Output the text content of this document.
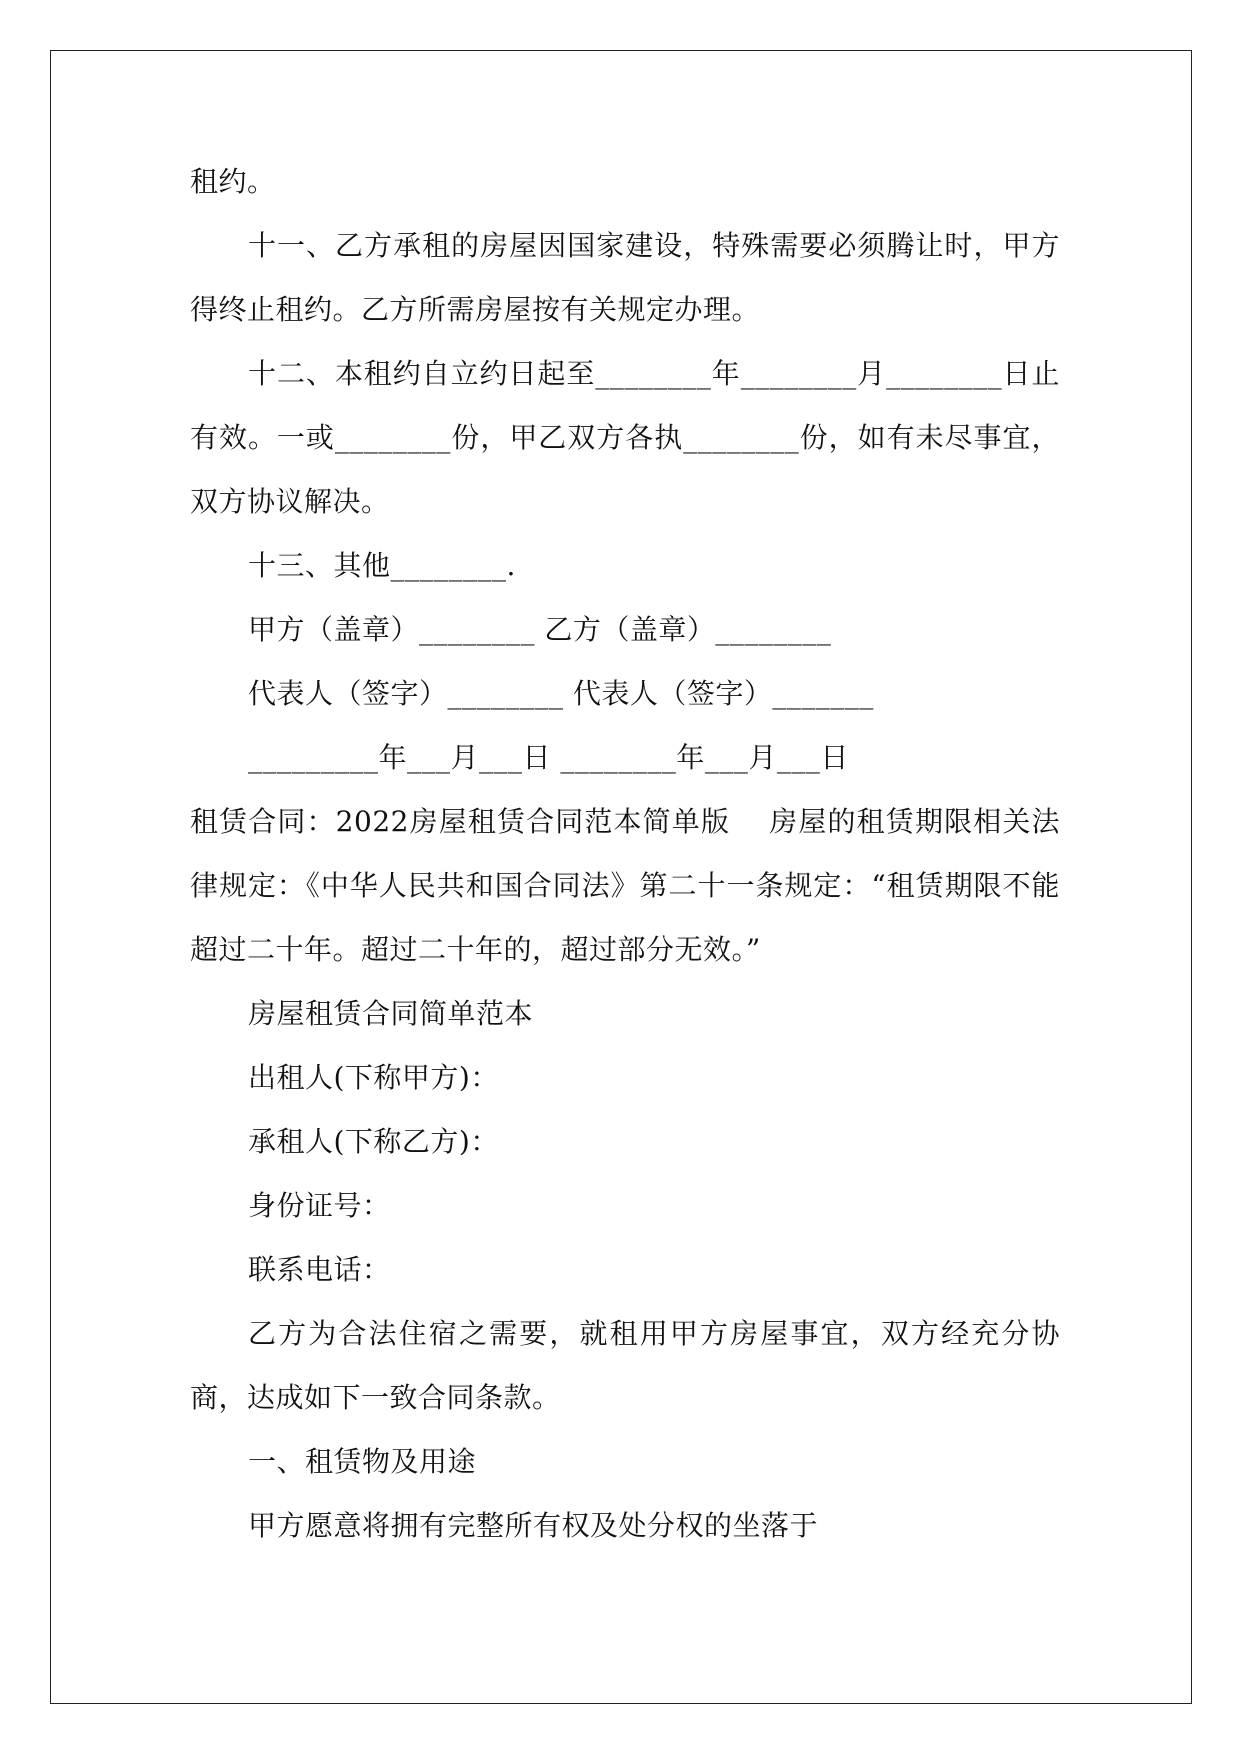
租约。

十一、乙方承租的房屋因国家建设，特殊需要必须腾让时，甲方得终止租约。乙方所需房屋按有关规定办理。

十二、本租约自立约日起至________年________月________日止有效。一或________份，甲乙双方各执________份，如有未尽事宜，双方协议解决。

十三、其他________.

甲方（盖章）________ 乙方（盖章）________

代表人（签字）________ 代表人（签字）_______

_________年___月___日 ________年___月___日

租赁合同：2022房屋租赁合同范本简单版　 房屋的租赁期限相关法律规定：《中华人民共和国合同法》第二十一条规定：“租赁期限不能超过二十年。超过二十年的，超过部分无效。”

房屋租赁合同简单范本

出租人(下称甲方)：

承租人(下称乙方)：

身份证号：

联系电话：

乙方为合法住宿之需要，就租用甲方房屋事宜，双方经充分协商，达成如下一致合同条款。

一、租赁物及用途

甲方愿意将拥有完整所有权及处分权的坐落于
